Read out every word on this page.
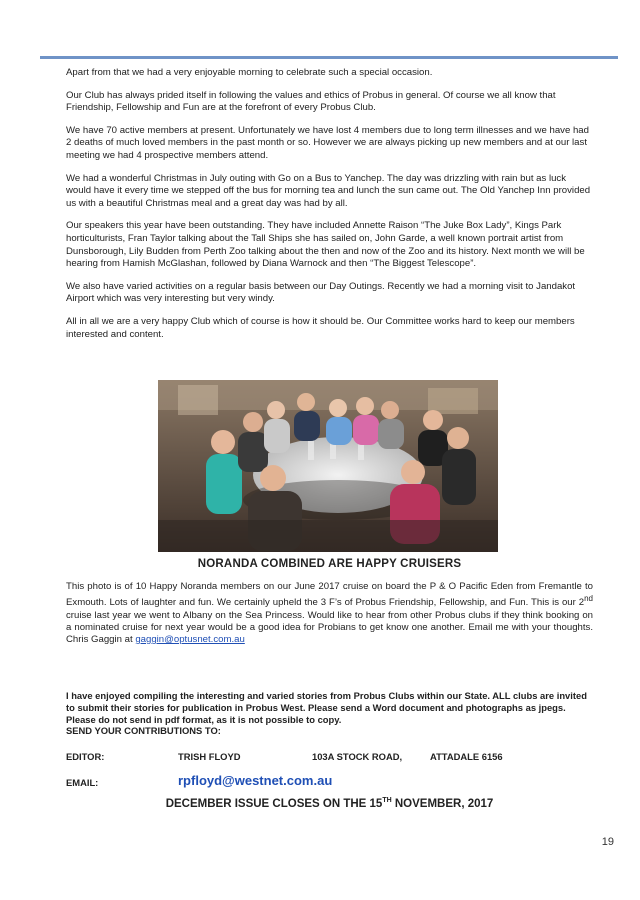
Apart from that we had a very enjoyable morning to celebrate such a special occasion.

Our Club has always prided itself in following the values and ethics of Probus in general. Of course we all know that Friendship, Fellowship and Fun are at the forefront of every Probus Club.

We have 70 active members at present. Unfortunately we have lost 4 members due to long term illnesses and we have had 2 deaths of much loved members in the past month or so. However we are always picking up new members and at our last meeting we had 4 prospective members attend.

We had a wonderful Christmas in July outing with Go on a Bus to Yanchep. The day was drizzling with rain but as luck would have it every time we stepped off the bus for morning tea and lunch the sun came out. The Old Yanchep Inn provided us with a beautiful Christmas meal and a great day was had by all.

Our speakers this year have been outstanding. They have included Annette Raison “The Juke Box Lady”, Kings Park horticulturists, Fran Taylor talking about the Tall Ships she has sailed on, John Garde, a well known portrait artist from Dunsborough, Lily Budden from Perth Zoo talking about the then and now of the Zoo and its history. Next month we will be hearing from Hamish McGlashan, followed by Diana Warnock and then “The Biggest Telescope”.

We also have varied activities on a regular basis between our Day Outings. Recently we had a morning visit to Jandakot Airport which was very interesting but very windy.

All in all we are a very happy Club which of course is how it should be. Our Committee works hard to keep our members interested and content.

NORANDA COMBINED ARE HAPPY CRUISERS
This photo is of 10 Happy Noranda members on our June 2017 cruise on board the P & O Pacific Eden from Fremantle to Exmouth. Lots of laughter and fun. We certainly upheld the 3 F’s of Probus Friendship, Fellowship, and Fun. This is our 2nd cruise last year we went to Albany on the Sea Princess. Would like to hear from other Probus clubs if they think booking on a nominated cruise for next year would be a good idea for Probians to get know one another. Email me with your thoughts. Chris Gaggin at gaggin@optusnet.com.au
I have enjoyed compiling the interesting and varied stories from Probus Clubs within our State. ALL clubs are invited to submit their stories for publication in Probus West. Please send a Word document and photographs as jpegs. Please do not send in pdf format, as it is not possible to copy.
SEND YOUR CONTRIBUTIONS TO:
EDITOR:	TRISH FLOYD	103A STOCK ROAD,	ATTADALE 6156
EMAIL:	rpfloyd@westnet.com.au
DECEMBER ISSUE CLOSES ON THE 15TH NOVEMBER, 2017
19
